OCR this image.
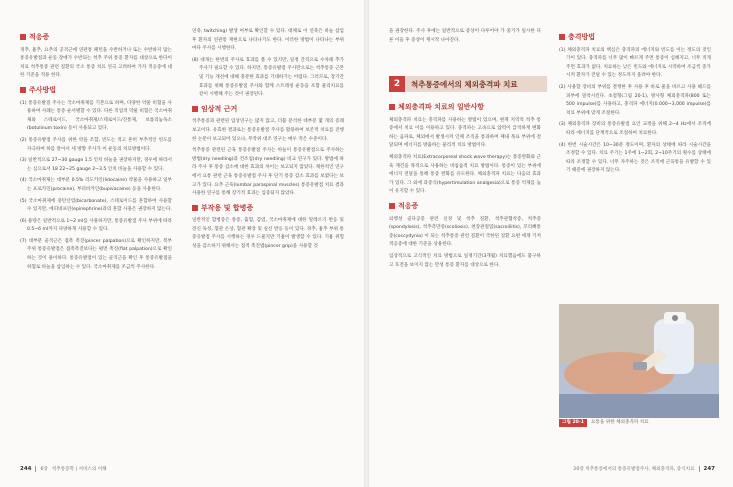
적응증

경추, 흉추, 요추의 공격근에 연관통 패턴을 수반하거나 또는 수반하지 않는 통증유발점과 운동 장애가 수반되는 척추 주위 통증 환자를 대상으로 한다이 치료 척추통증 관련 질환의 국소 통증 치료 연극 고려하여 가자 적응증에 대한 기준을 적용 한다.

주사방법

(1) 통증유발점 주사는 국소마취제를 기본으로 하며, 다양한 약물 비혈을 사용하여 사례는 통증 순서별할 수 있다. 다른 직업적 약물 비혈은 국소마취제와 스테로이드, 국소마취제/스테로이드/진통제, 보톨리눔독소(botulinum toxin) 등이 사용되고 있다.

(2) 통증유발점 주사를 위한 약을 조합, 빈도는 적고 흔히 부추적인 빈도를 자극하여 하를 알아서 세 방향 주사가 이 운동의 치료방법이다.

(3) 일반적으로 27~30 gauge 1.5 인치 바늘을 권장하지만, 경우에 따라서는 심으로서 18 22~25 gauge 2~3.5 인치 바늘을 사용할 수 있다.

(4) 국소마취제는 대부분 0.5% 리도카인(lidocaine) 약물을 사용하고 일부는 프로카인(procaine), 부피바카인(bupivacaine) 등을 사용한다.

(5) 국소마취제에 중탄산염(bicarbonate), 스테로이드를 혼합하여 사용할 수 있지만, 에피네프린(epinephrine)과의 혼합 사용은 권장하지 않는다.

(6) 용량은 일반적으로 1~2 ml를 사용하지만, 통증유발점 주사 부위에 따라 0.5~6 ml까지 다양하게 사용할 수 있다.

(7) 대부분 골격근은 접촉 촉진(pincer palpation)으로 확인하지만, 복부 주위 통증유발점은 접촉촉진보다는 평면 촉진(flat palpation)으로 확인하는 것이 용이하다. 통증유발점이 있는 골격근을 확인 후 통증유발점을 하혈로 바늘을 삽입하는 수 있다. 국소마취제를 조금씩 주사한다.

연축, twitching) 발생 여부로 확인할 수 있다. 대체로 이 연축은 바늘 삽입후 환자의 연관통 재현으로 나타나기도 한다. 이러한 방법이 나타나는 부위마다 주사를 시행한다.

(8) 대개는 한번의 주사로 효과를 볼 수 있지만, 일정 간격으로 수차례 추가 주사가 필요할 수 있다. 하지만, 통증유발점 주사만으로는 척추통증 근본 및 기능 개선에 대해 충분한 효과를 기대하기는 어렵다. 그러므로, 장기간 효과를 위해 통증유발점 주사와 함께 스트레칭 운동을 포함 물리치료를 같이 시행해 주는 것이 권장된다.

임상적 근거

척추통증과 관련된 임상연구는 많지 않고, 더불 분석한 대부분 몇 개의 증례 보고이다. 유효한 결과로는 통증유발점 주사를 활용하여 보존적 치료를 진행한 논문이 보고되어 있으나, 무작위 대조 연구는 매우 적은 수준이다.

척추통증 관련된 근육 통증유발점 주사는 바늘이 통증유발점으로 주사하는 방법(dry needling)과 건조침(dry needling) 비교 연구가 있다. 방법에 따라 주사 후 통증 감소에 대한 효과의 차이는 보고되지 않았다. 제한적인 연구에서 요통 관련 근육 통증유발점 주사 후 단기 통증 감소 효과를 보였다는 보고가 있다. 요추 근육(lumbar paraspinal muscles) 통증유발점 치료 결과 사용한 연구를 통해 장기적 효과는 입증되지 않았다.

부작용 및 합병증

일반적인 합병증은 통증, 출혈, 감염, 국소마취제에 대한 알레르기 반응 및 전신 독성, 혈관 손상, 혈관 확장 및 실신 반응 등이 있다. 경추, 흉추 부위 통증유발점 주사를 시행하는 경우 드물지만 기흉이 발생할 수 있다. 기흉 위험성을 감소하기 위해서는 접적 촉진법(pincer grip)을 사용할 것

244 6장 척추통증학 | 서비스의 이해

을 권장한다. 주사 후에는 일반적으로 증상이 다루어야 가 중기가 일시한 다른 이들 후 증상이 재시작 나아진다.

2	척추통증에서의 체외충격파 치료
체외충격파 치료의 일반사항

체외충격파 치료는 충격파를 사용하는 방법이 있으며, 현재 지역적 척추 통증에서 치료 이를 이용하고 있다. 충격파는 고속으로 압력이 급격하게 변화하는 음파로, 체외에서 발생시켜 인체 조직을 통과하여 체내 목표 부위에 전달되며 에너지를 방출하는 물리적 치료 방법이다.

체외충격파 치료(Extracorporeal shock wave therapy)는 통증완화와 근육 재건을 목적으로 사용하는 비침습적 치료 방법이다. 통증이 있는 부위에 에너지 전달을 통해 통증 완화를 유도한다. 체외충격파 치료는 다음의 효과가 있다. 그 외에 과증식(hypertimulation analgesia)으로 통증 억제를 높이 유지할 수 있다.

적응증

퇴행성 골다공증 관련 신경 및 척추 질환, 척추관협착증, 척추증(spondylosis), 척추측만증(scoliosis), 천장관절염(sacroiliitis), 꼬리뼈통증(coccydynia) 이 되는 척추통증 관련 질환이 국한된 질환 요편 에게 기저 적응증에 대한 기준을 상용한다.

임상적으로 고식적인 치료 방법으로 일정기간(3개월) 치료했음에도 불구하고 호전을 보이지 않는 만성 통증 환자를 대상으로 한다.

충격방법

(1) 체외충격파 치료의 핵심은 충격파의 에너지와 빈도를 이는 정도의 것인가이 있다. 충격파를 너무 많이 빠르게 주면 통증이 심해지고, 너무 적게 주면 효과가 없다. 치료하는 낮은 빈도와 에너지로 시작하여 조금씩 증가시켜 환자가 견딜 수 있는 정도까지 올려야 한다.

(2) 사용할 장비의 부위를 결정한 후 사용 후 바로 물을 바르고 사용 헤드를 피부에 밀착시킨다. 초점형(그림 20-1), 방사형 체외충격파(800 또는 500 impulse)를 사용하고, 충격파 에너지(0.000~3,000 impulse)를 치료 부위에 맞게 조절한다.

(3) 체외충격파 장비의 통증유발점 요인 교정을 위해 2~4 Hz에서 조직에 따라 에너지를 단계적으로 조절하여 치료한다.

(4) 한번 시술시간은 10~30분 정도이며, 환자의 상태에 따라 시술시간을 조정할 수 있다. 치료 주기는 1주에 1~2회, 2~10주기의 횟수를 상태에 따라 조정할 수 있다. 너무 자주하는 것은 조직에 근육통을 유발할 수 있기 때문에 권장하지 않는다.

그림 20-1	요통을 위한 체외충격파 치료
20장 척추통증에서의 통증유발점주사, 체외충격파, 증식치료 247
